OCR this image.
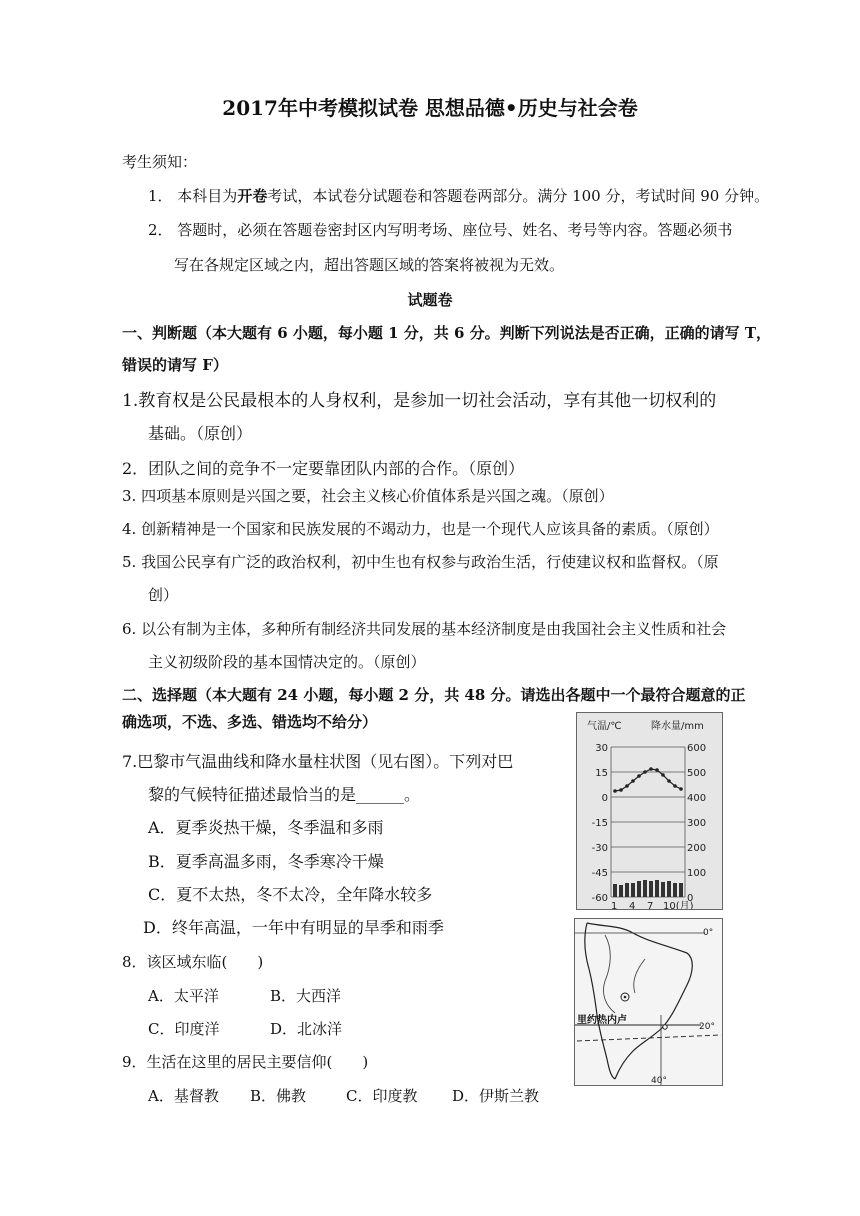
2017年中考模拟试卷 思想品德•历史与社会卷
考生须知：
1． 本科目为开卷考试，本试卷分试题卷和答题卷两部分。满分 100 分，考试时间 90 分钟。
2． 答题时，必须在答题卷密封区内写明考场、座位号、姓名、考号等内容。答题必须书
写在各规定区域之内，超出答题区域的答案将被视为无效。
试题卷
一、判断题（本大题有 6 小题，每小题 1 分，共 6 分。判断下列说法是否正确，正确的请写 T，
错误的请写 F）
1.教育权是公民最根本的人身权利，是参加一切社会活动，享有其他一切权利的
基础。（原创）
2．团队之间的竞争不一定要靠团队内部的合作。（原创）
3. 四项基本原则是兴国之要，社会主义核心价值体系是兴国之魂。（原创）
4. 创新精神是一个国家和民族发展的不竭动力，也是一个现代人应该具备的素质。（原创）
5. 我国公民享有广泛的政治权利，初中生也有权参与政治生活，行使建议权和监督权。（原
创）
6. 以公有制为主体，多种所有制经济共同发展的基本经济制度是由我国社会主义性质和社会
主义初级阶段的基本国情决定的。（原创）
二、选择题（本大题有 24 小题，每小题 2 分，共 48 分。请选出各题中一个最符合题意的正
确选项，不选、多选、错选均不给分）
7.巴黎市气温曲线和降水量柱状图（见右图）。下列对巴
黎的气候特征描述最恰当的是______。
A．夏季炎热干燥，冬季温和多雨
B．夏季高温多雨，冬季寒冷干燥
C．夏不太热，冬不太冷，全年降水较多
D．终年高温，一年中有明显的旱季和雨季
8．该区域东临(　　)
A．太平洋	B．大西洋
C．印度洋	D．北冰洋
9．生活在这里的居民主要信仰(　　)
A．基督教 B．佛教	C．印度教 D．伊斯兰教
气温/℃	降水量/mm
30
15
0
-15
-30
-45
-60
600
500
400
300
200
100
0
1 4 7 10(月)
里约热内卢
0°
20°
40°
